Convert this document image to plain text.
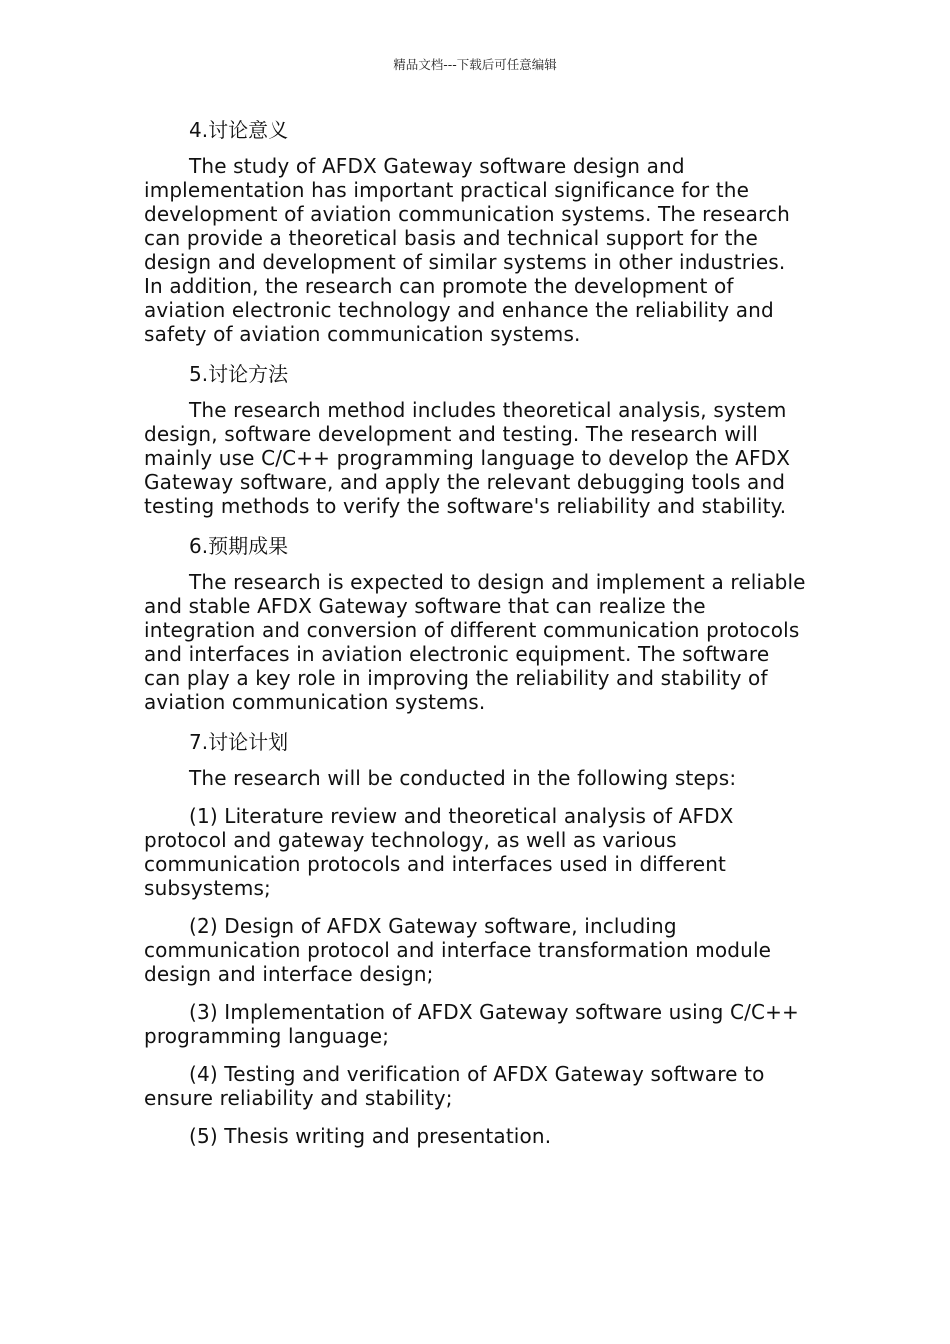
精品文档---下载后可任意编辑
4.讨论意义

The study of AFDX Gateway software design and implementation has important practical significance for the development of aviation communication systems. The research can provide a theoretical basis and technical support for the design and development of similar systems in other industries. In addition, the research can promote the development of aviation electronic technology and enhance the reliability and safety of aviation communication systems.

5.讨论方法

The research method includes theoretical analysis, system design, software development and testing. The research will mainly use C/C++ programming language to develop the AFDX Gateway software, and apply the relevant debugging tools and testing methods to verify the software's reliability and stability.

6.预期成果

The research is expected to design and implement a reliable and stable AFDX Gateway software that can realize the integration and conversion of different communication protocols and interfaces in aviation electronic equipment. The software can play a key role in improving the reliability and stability of aviation communication systems.

7.讨论计划

The research will be conducted in the following steps:

(1) Literature review and theoretical analysis of AFDX protocol and gateway technology, as well as various communication protocols and interfaces used in different subsystems;

(2) Design of AFDX Gateway software, including communication protocol and interface transformation module design and interface design;

(3) Implementation of AFDX Gateway software using C/C++ programming language;

(4) Testing and verification of AFDX Gateway software to ensure reliability and stability;

(5) Thesis writing and presentation.
